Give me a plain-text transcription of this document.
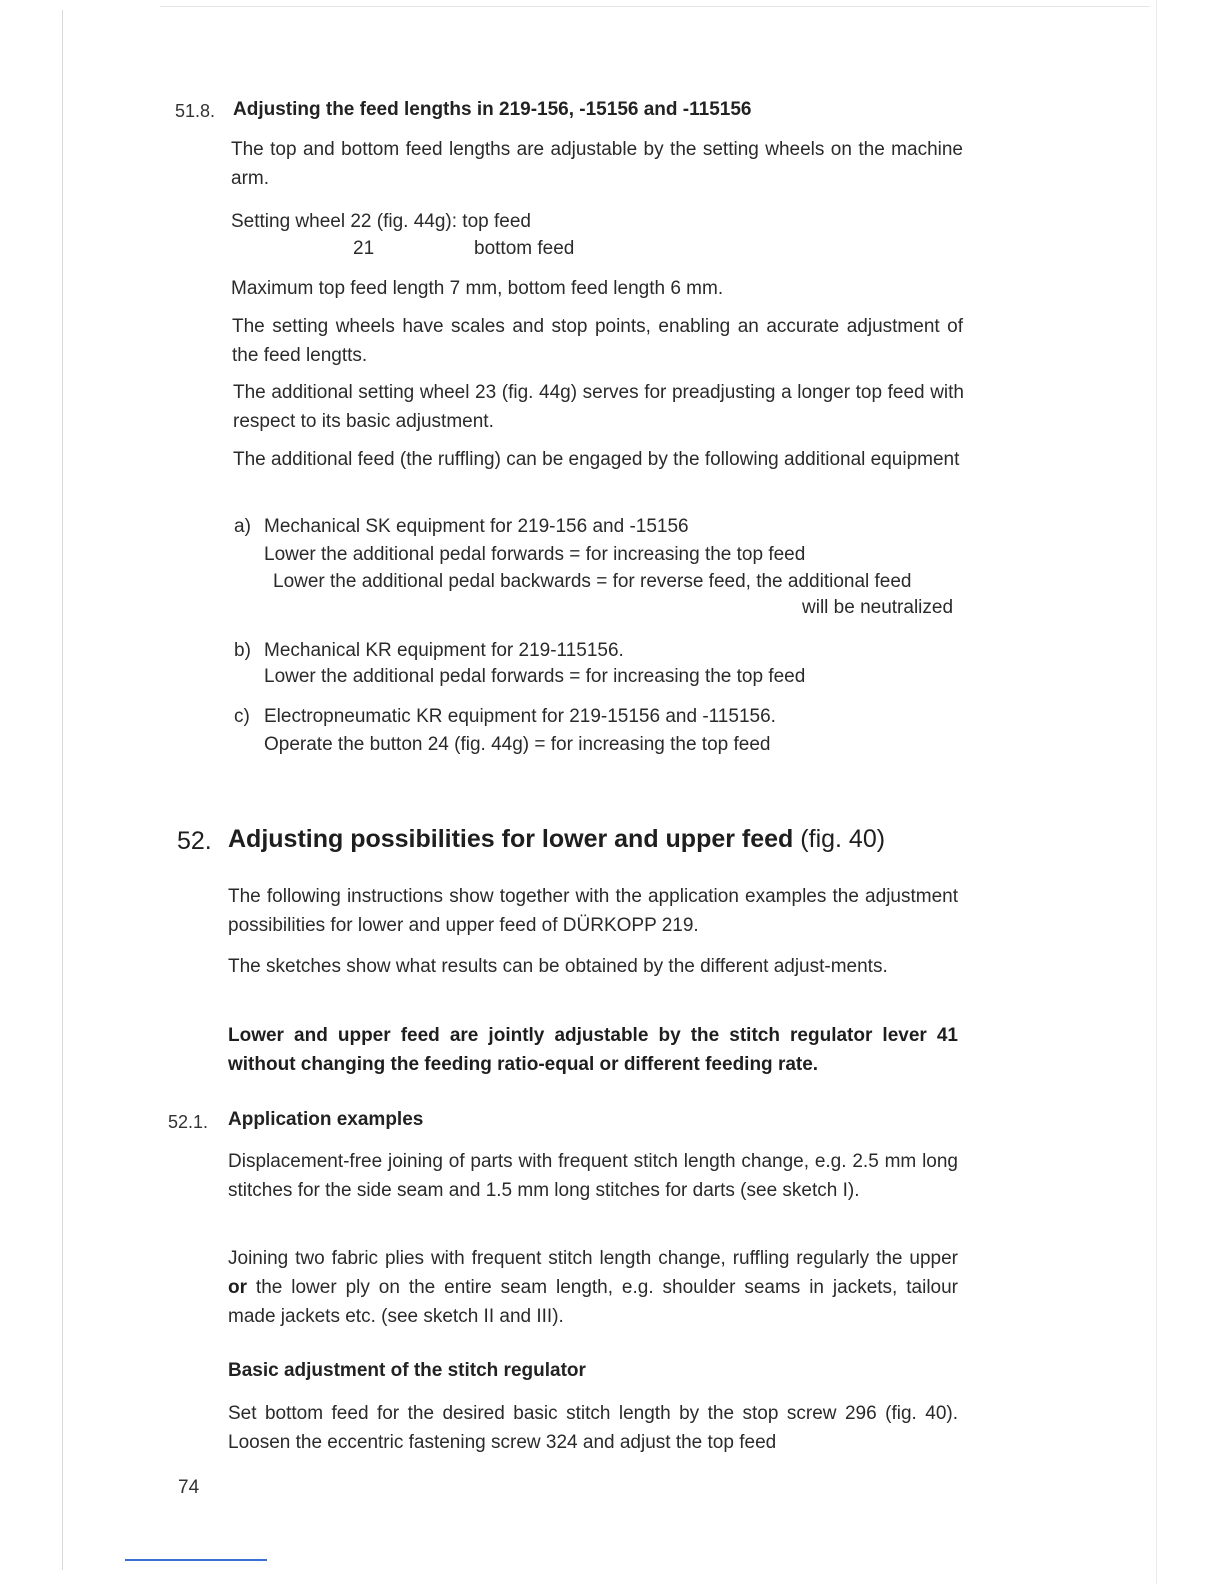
51.8. Adjusting the feed lengths in 219-156, -15156 and -115156

The top and bottom feed lengths are adjustable by the setting wheels on the machine arm.

Setting wheel 22 (fig. 44g): top feed
21	bottom feed

Maximum top feed length 7 mm, bottom feed length 6 mm.

The setting wheels have scales and stop points, enabling an accurate adjustment of the feed lengtts.

The additional setting wheel 23 (fig. 44g) serves for preadjusting a longer top feed with respect to its basic adjustment.

The additional feed (the ruffling) can be engaged by the following additional equipment

a) Mechanical SK equipment for 219-156 and -15156
Lower the additional pedal forwards = for increasing the top feed
Lower the additional pedal backwards = for reverse feed, the additional feed
will be neutralized
b) Mechanical KR equipment for 219-115156.
Lower the additional pedal forwards = for increasing the top feed
c) Electropneumatic KR equipment for 219-15156 and -115156.
Operate the button 24 (fig. 44g) = for increasing the top feed
52. Adjusting possibilities for lower and upper feed (fig. 40)

The following instructions show together with the application examples the adjustment possibilities for lower and upper feed of DÜRKOPP 219.

The sketches show what results can be obtained by the different adjust-ments.

Lower and upper feed are jointly adjustable by the stitch regulator lever 41 without changing the feeding ratio-equal or different feeding rate.

52.1. Application examples

Displacement-free joining of parts with frequent stitch length change, e.g. 2.5 mm long stitches for the side seam and 1.5 mm long stitches for darts (see sketch I).

Joining two fabric plies with frequent stitch length change, ruffling regularly the upper or the lower ply on the entire seam length, e.g. shoulder seams in jackets, tailour made jackets etc. (see sketch II and III).

Basic adjustment of the stitch regulator

Set bottom feed for the desired basic stitch length by the stop screw 296 (fig. 40). Loosen the eccentric fastening screw 324 and adjust the top feed

74
